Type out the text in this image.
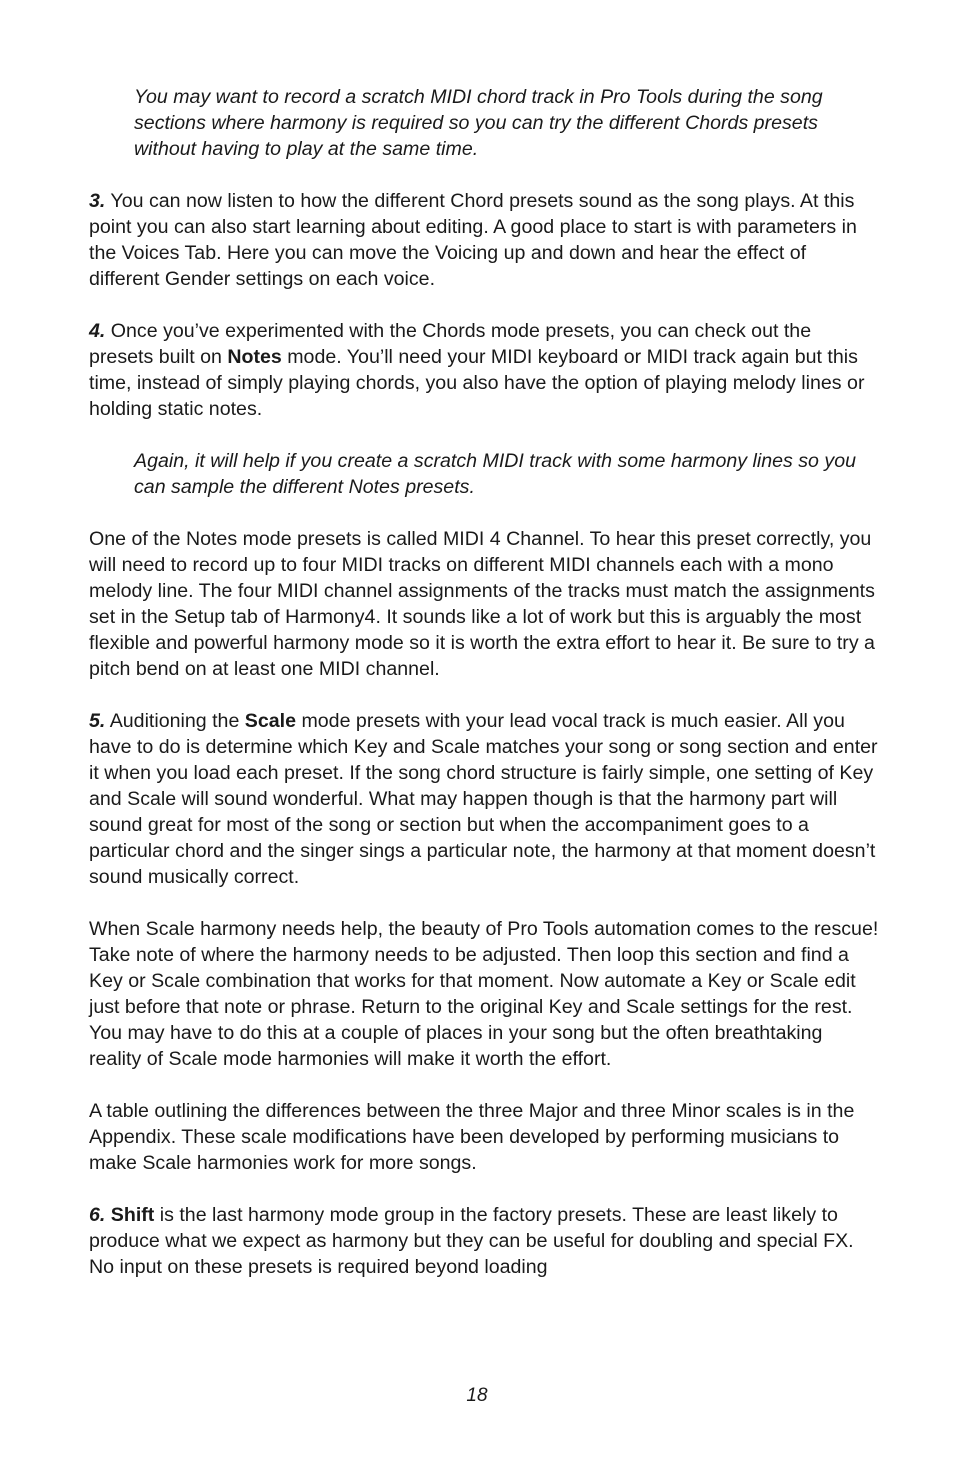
You may want to record a scratch MIDI chord track in Pro Tools during the song sections where harmony is required so you can try the different Chords presets without having to play at the same time.

3. You can now listen to how the different Chord presets sound as the song plays. At this point you can also start learning about editing. A good place to start is with parameters in the Voices Tab. Here you can move the Voicing up and down and hear the effect of different Gender settings on each voice.

4. Once you’ve experimented with the Chords mode presets, you can check out the presets built on Notes mode. You’ll need your MIDI keyboard or MIDI track again but this time, instead of simply playing chords, you also have the option of playing melody lines or holding static notes.

Again, it will help if you create a scratch MIDI track with some harmony lines so you can sample the different Notes presets.

One of the Notes mode presets is called MIDI 4 Channel. To hear this preset correctly, you will need to record up to four MIDI tracks on different MIDI channels each with a mono melody line. The four MIDI channel assignments of the tracks must match the assignments set in the Setup tab of Harmony4. It sounds like a lot of work but this is arguably the most flexible and powerful harmony mode so it is worth the extra effort to hear it. Be sure to try a pitch bend on at least one MIDI channel.

5. Auditioning the Scale mode presets with your lead vocal track is much easier. All you have to do is determine which Key and Scale matches your song or song section and enter it when you load each preset. If the song chord structure is fairly simple, one setting of Key and Scale will sound wonderful. What may happen though is that the harmony part will sound great for most of the song or section but when the accompaniment goes to a particular chord and the singer sings a particular note, the harmony at that moment doesn’t sound musically correct.

When Scale harmony needs help, the beauty of Pro Tools automation comes to the rescue! Take note of where the harmony needs to be adjusted. Then loop this section and find a Key or Scale combination that works for that moment. Now automate a Key or Scale edit just before that note or phrase. Return to the original Key and Scale settings for the rest. You may have to do this at a couple of places in your song but the often breathtaking reality of Scale mode harmonies will make it worth the effort.

A table outlining the differences between the three Major and three Minor scales is in the Appendix. These scale modifications have been developed by performing musicians to make Scale harmonies work for more songs.

6. Shift is the last harmony mode group in the factory presets. These are least likely to produce what we expect as harmony but they can be useful for doubling and special FX. No input on these presets is required beyond loading

18
